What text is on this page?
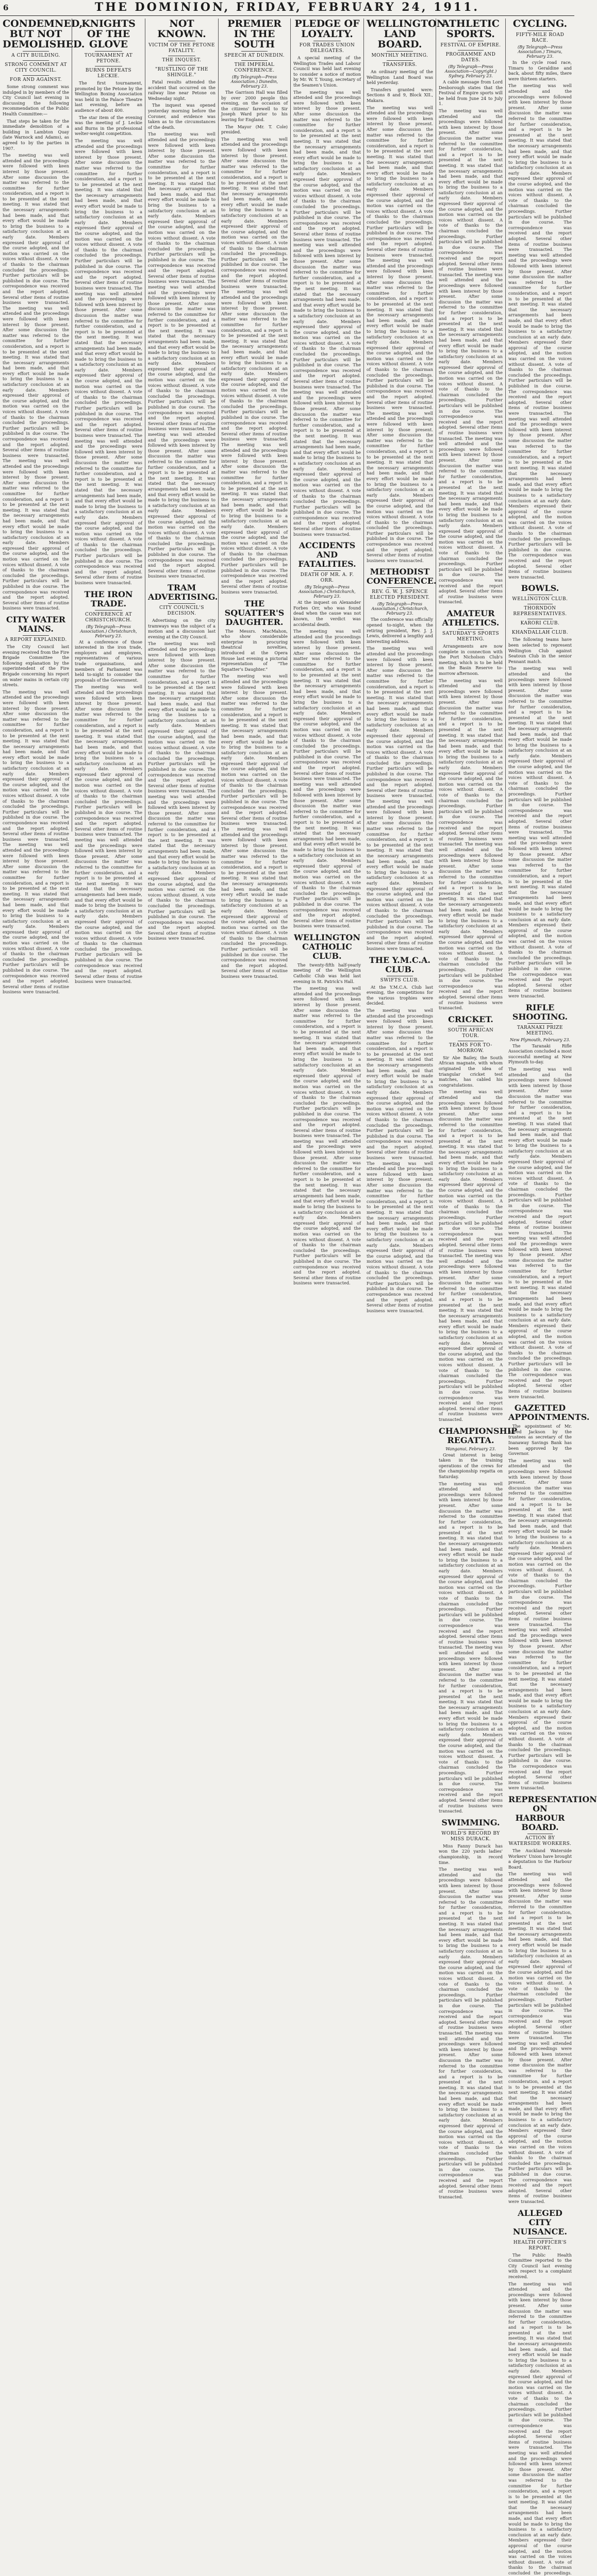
6	THE DOMINION, FRIDAY, FEBRUARY 24, 1911.
CONDEMNED, BUT NOT DEMOLISHED.
A CITY BUILDING.
STRONG COMMENT AT CITY COUNCIL.
FOR AND AGAINST.

Some strong comment was indulged in by members of the City Council last evening in discussing the following recommendation of the Public Health Committee:—

That steps be taken for the immediate demolition of a building in Lambton Quay (late Warnock and Adams), as agreed to by the parties in 1907.

The meeting was well attended and the proceedings were followed with keen interest by those present. After some discussion the matter was referred to the committee for further consideration, and a report is to be presented at the next meeting. It was stated that the necessary arrangements had been made, and that every effort would be made to bring the business to a satisfactory conclusion at an early date. Members expressed their approval of the course adopted, and the motion was carried on the voices without dissent. A vote of thanks to the chairman concluded the proceedings. Further particulars will be published in due course. The correspondence was received and the report adopted. Several other items of routine business were transacted. The meeting was well attended and the proceedings were followed with keen interest by those present. After some discussion the matter was referred to the committee for further consideration, and a report is to be presented at the next meeting. It was stated that the necessary arrangements had been made, and that every effort would be made to bring the business to a satisfactory conclusion at an early date. Members expressed their approval of the course adopted, and the motion was carried on the voices without dissent. A vote of thanks to the chairman concluded the proceedings. Further particulars will be published in due course. The correspondence was received and the report adopted. Several other items of routine business were transacted. The meeting was well attended and the proceedings were followed with keen interest by those present. After some discussion the matter was referred to the committee for further consideration, and a report is to be presented at the next meeting. It was stated that the necessary arrangements had been made, and that every effort would be made to bring the business to a satisfactory conclusion at an early date. Members expressed their approval of the course adopted, and the motion was carried on the voices without dissent. A vote of thanks to the chairman concluded the proceedings. Further particulars will be published in due course. The correspondence was received and the report adopted. Several other items of routine business were transacted.
CITY WATER MAINS.
A REPORT EXPLAINED.

The City Council last evening received from the Fire Brigade Committee the following explanation by the superintendent of the Fire Brigade concerning his report on water mains in certain city streets.

The meeting was well attended and the proceedings were followed with keen interest by those present. After some discussion the matter was referred to the committee for further consideration, and a report is to be presented at the next meeting. It was stated that the necessary arrangements had been made, and that every effort would be made to bring the business to a satisfactory conclusion at an early date. Members expressed their approval of the course adopted, and the motion was carried on the voices without dissent. A vote of thanks to the chairman concluded the proceedings. Further particulars will be published in due course. The correspondence was received and the report adopted. Several other items of routine business were transacted. The meeting was well attended and the proceedings were followed with keen interest by those present. After some discussion the matter was referred to the committee for further consideration, and a report is to be presented at the next meeting. It was stated that the necessary arrangements had been made, and that every effort would be made to bring the business to a satisfactory conclusion at an early date. Members expressed their approval of the course adopted, and the motion was carried on the voices without dissent. A vote of thanks to the chairman concluded the proceedings. Further particulars will be published in due course. The correspondence was received and the report adopted. Several other items of routine business were transacted.
KNIGHTS OF THE GLOVE
TOURNAMENT AT PETONE.
BURNS DEFEATS LECKIE.

The first tournament, promoted by the Petone by the Wellington Boxing Association was held in the Palace Theatre last evening, before an audience of about 400.

The star item of the evening was the meeting of J. Leckie and Burns in the professional welter-weight competition.

The meeting was well attended and the proceedings were followed with keen interest by those present. After some discussion the matter was referred to the committee for further consideration, and a report is to be presented at the next meeting. It was stated that the necessary arrangements had been made, and that every effort would be made to bring the business to a satisfactory conclusion at an early date. Members expressed their approval of the course adopted, and the motion was carried on the voices without dissent. A vote of thanks to the chairman concluded the proceedings. Further particulars will be published in due course. The correspondence was received and the report adopted. Several other items of routine business were transacted. The meeting was well attended and the proceedings were followed with keen interest by those present. After some discussion the matter was referred to the committee for further consideration, and a report is to be presented at the next meeting. It was stated that the necessary arrangements had been made, and that every effort would be made to bring the business to a satisfactory conclusion at an early date. Members expressed their approval of the course adopted, and the motion was carried on the voices without dissent. A vote of thanks to the chairman concluded the proceedings. Further particulars will be published in due course. The correspondence was received and the report adopted. Several other items of routine business were transacted. The meeting was well attended and the proceedings were followed with keen interest by those present. After some discussion the matter was referred to the committee for further consideration, and a report is to be presented at the next meeting. It was stated that the necessary arrangements had been made, and that every effort would be made to bring the business to a satisfactory conclusion at an early date. Members expressed their approval of the course adopted, and the motion was carried on the voices without dissent. A vote of thanks to the chairman concluded the proceedings. Further particulars will be published in due course. The correspondence was received and the report adopted. Several other items of routine business were transacted.
THE IRON TRADE.
CONFERENCE AT CHRISTCHURCH.
(By Telegraph—Press Association.) Christchurch, February 23.

At a conference of those interested in the iron trade, employers and employees, representatives of various trade organisations, and members of Parliament was held to-night to consider the proposals of the Government.

The meeting was well attended and the proceedings were followed with keen interest by those present. After some discussion the matter was referred to the committee for further consideration, and a report is to be presented at the next meeting. It was stated that the necessary arrangements had been made, and that every effort would be made to bring the business to a satisfactory conclusion at an early date. Members expressed their approval of the course adopted, and the motion was carried on the voices without dissent. A vote of thanks to the chairman concluded the proceedings. Further particulars will be published in due course. The correspondence was received and the report adopted. Several other items of routine business were transacted. The meeting was well attended and the proceedings were followed with keen interest by those present. After some discussion the matter was referred to the committee for further consideration, and a report is to be presented at the next meeting. It was stated that the necessary arrangements had been made, and that every effort would be made to bring the business to a satisfactory conclusion at an early date. Members expressed their approval of the course adopted, and the motion was carried on the voices without dissent. A vote of thanks to the chairman concluded the proceedings. Further particulars will be published in due course. The correspondence was received and the report adopted. Several other items of routine business were transacted.
NOT KNOWN.
VICTIM OF THE PETONE FATALITY.
THE INQUEST.
"RUSTLING OF THE SHINGLE."

Fatal results attended the accident that occurred on the railway line near Petone on Wednesday night.

The inquest was opened yesterday morning before the Coroner, and evidence was taken as to the circumstances of the death.

The meeting was well attended and the proceedings were followed with keen interest by those present. After some discussion the matter was referred to the committee for further consideration, and a report is to be presented at the next meeting. It was stated that the necessary arrangements had been made, and that every effort would be made to bring the business to a satisfactory conclusion at an early date. Members expressed their approval of the course adopted, and the motion was carried on the voices without dissent. A vote of thanks to the chairman concluded the proceedings. Further particulars will be published in due course. The correspondence was received and the report adopted. Several other items of routine business were transacted. The meeting was well attended and the proceedings were followed with keen interest by those present. After some discussion the matter was referred to the committee for further consideration, and a report is to be presented at the next meeting. It was stated that the necessary arrangements had been made, and that every effort would be made to bring the business to a satisfactory conclusion at an early date. Members expressed their approval of the course adopted, and the motion was carried on the voices without dissent. A vote of thanks to the chairman concluded the proceedings. Further particulars will be published in due course. The correspondence was received and the report adopted. Several other items of routine business were transacted. The meeting was well attended and the proceedings were followed with keen interest by those present. After some discussion the matter was referred to the committee for further consideration, and a report is to be presented at the next meeting. It was stated that the necessary arrangements had been made, and that every effort would be made to bring the business to a satisfactory conclusion at an early date. Members expressed their approval of the course adopted, and the motion was carried on the voices without dissent. A vote of thanks to the chairman concluded the proceedings. Further particulars will be published in due course. The correspondence was received and the report adopted. Several other items of routine business were transacted.
TRAM ADVERTISING.
CITY COUNCIL'S DECISION.

Advertising on the city tramways was the subject of a motion and a discussion last evening at the City Council.

The meeting was well attended and the proceedings were followed with keen interest by those present. After some discussion the matter was referred to the committee for further consideration, and a report is to be presented at the next meeting. It was stated that the necessary arrangements had been made, and that every effort would be made to bring the business to a satisfactory conclusion at an early date. Members expressed their approval of the course adopted, and the motion was carried on the voices without dissent. A vote of thanks to the chairman concluded the proceedings. Further particulars will be published in due course. The correspondence was received and the report adopted. Several other items of routine business were transacted. The meeting was well attended and the proceedings were followed with keen interest by those present. After some discussion the matter was referred to the committee for further consideration, and a report is to be presented at the next meeting. It was stated that the necessary arrangements had been made, and that every effort would be made to bring the business to a satisfactory conclusion at an early date. Members expressed their approval of the course adopted, and the motion was carried on the voices without dissent. A vote of thanks to the chairman concluded the proceedings. Further particulars will be published in due course. The correspondence was received and the report adopted. Several other items of routine business were transacted.
PREMIER IN THE SOUTH
SPEECH AT DUNEDIN.
THE IMPERIAL CONFERENCE.
(By Telegraph—Press Association.) Dunedin, February 23.

The Garrison Hall was filled by over 2000 people this evening, on the occasion of the citizens' farewell to Sir Joseph Ward prior to his leaving for England.

The Mayor (Mr. T. Cole) presided.

The meeting was well attended and the proceedings were followed with keen interest by those present. After some discussion the matter was referred to the committee for further consideration, and a report is to be presented at the next meeting. It was stated that the necessary arrangements had been made, and that every effort would be made to bring the business to a satisfactory conclusion at an early date. Members expressed their approval of the course adopted, and the motion was carried on the voices without dissent. A vote of thanks to the chairman concluded the proceedings. Further particulars will be published in due course. The correspondence was received and the report adopted. Several other items of routine business were transacted. The meeting was well attended and the proceedings were followed with keen interest by those present. After some discussion the matter was referred to the committee for further consideration, and a report is to be presented at the next meeting. It was stated that the necessary arrangements had been made, and that every effort would be made to bring the business to a satisfactory conclusion at an early date. Members expressed their approval of the course adopted, and the motion was carried on the voices without dissent. A vote of thanks to the chairman concluded the proceedings. Further particulars will be published in due course. The correspondence was received and the report adopted. Several other items of routine business were transacted. The meeting was well attended and the proceedings were followed with keen interest by those present. After some discussion the matter was referred to the committee for further consideration, and a report is to be presented at the next meeting. It was stated that the necessary arrangements had been made, and that every effort would be made to bring the business to a satisfactory conclusion at an early date. Members expressed their approval of the course adopted, and the motion was carried on the voices without dissent. A vote of thanks to the chairman concluded the proceedings. Further particulars will be published in due course. The correspondence was received and the report adopted. Several other items of routine business were transacted.
THE SQUATTER'S DAUGHTER.

The Messrs. MacMahon, who show considerable enterprise in procuring theatrical novelties, introduced at the Opera House last evening a pictorial representation of "The Squatter's Daughter."

The meeting was well attended and the proceedings were followed with keen interest by those present. After some discussion the matter was referred to the committee for further consideration, and a report is to be presented at the next meeting. It was stated that the necessary arrangements had been made, and that every effort would be made to bring the business to a satisfactory conclusion at an early date. Members expressed their approval of the course adopted, and the motion was carried on the voices without dissent. A vote of thanks to the chairman concluded the proceedings. Further particulars will be published in due course. The correspondence was received and the report adopted. Several other items of routine business were transacted. The meeting was well attended and the proceedings were followed with keen interest by those present. After some discussion the matter was referred to the committee for further consideration, and a report is to be presented at the next meeting. It was stated that the necessary arrangements had been made, and that every effort would be made to bring the business to a satisfactory conclusion at an early date. Members expressed their approval of the course adopted, and the motion was carried on the voices without dissent. A vote of thanks to the chairman concluded the proceedings. Further particulars will be published in due course. The correspondence was received and the report adopted. Several other items of routine business were transacted.
PLEDGE OF LOYALTY.
FOR TRADES UNION DELEGATES.

A special meeting of the Wellington Trades and Labour Council was held last evening to consider a notice of motion by Mr. W. T. Young, secretary of the Seamen's Union.

The meeting was well attended and the proceedings were followed with keen interest by those present. After some discussion the matter was referred to the committee for further consideration, and a report is to be presented at the next meeting. It was stated that the necessary arrangements had been made, and that every effort would be made to bring the business to a satisfactory conclusion at an early date. Members expressed their approval of the course adopted, and the motion was carried on the voices without dissent. A vote of thanks to the chairman concluded the proceedings. Further particulars will be published in due course. The correspondence was received and the report adopted. Several other items of routine business were transacted. The meeting was well attended and the proceedings were followed with keen interest by those present. After some discussion the matter was referred to the committee for further consideration, and a report is to be presented at the next meeting. It was stated that the necessary arrangements had been made, and that every effort would be made to bring the business to a satisfactory conclusion at an early date. Members expressed their approval of the course adopted, and the motion was carried on the voices without dissent. A vote of thanks to the chairman concluded the proceedings. Further particulars will be published in due course. The correspondence was received and the report adopted. Several other items of routine business were transacted. The meeting was well attended and the proceedings were followed with keen interest by those present. After some discussion the matter was referred to the committee for further consideration, and a report is to be presented at the next meeting. It was stated that the necessary arrangements had been made, and that every effort would be made to bring the business to a satisfactory conclusion at an early date. Members expressed their approval of the course adopted, and the motion was carried on the voices without dissent. A vote of thanks to the chairman concluded the proceedings. Further particulars will be published in due course. The correspondence was received and the report adopted. Several other items of routine business were transacted.
ACCIDENTS AND FATALITIES.
DEATH OF MR. A. F. ORR.
(By Telegraph—Press Association.) Christchurch, February 23.

At the inquest on Alexander Forbes Orr, who was found dead when the cause was not known, the verdict was accidental death.

The meeting was well attended and the proceedings were followed with keen interest by those present. After some discussion the matter was referred to the committee for further consideration, and a report is to be presented at the next meeting. It was stated that the necessary arrangements had been made, and that every effort would be made to bring the business to a satisfactory conclusion at an early date. Members expressed their approval of the course adopted, and the motion was carried on the voices without dissent. A vote of thanks to the chairman concluded the proceedings. Further particulars will be published in due course. The correspondence was received and the report adopted. Several other items of routine business were transacted. The meeting was well attended and the proceedings were followed with keen interest by those present. After some discussion the matter was referred to the committee for further consideration, and a report is to be presented at the next meeting. It was stated that the necessary arrangements had been made, and that every effort would be made to bring the business to a satisfactory conclusion at an early date. Members expressed their approval of the course adopted, and the motion was carried on the voices without dissent. A vote of thanks to the chairman concluded the proceedings. Further particulars will be published in due course. The correspondence was received and the report adopted. Several other items of routine business were transacted.
WELLINGTON CATHOLIC CLUB.

The twenty-fifth half-yearly meeting of the Wellington Catholic Club was held last evening in St. Patrick's Hall.

The meeting was well attended and the proceedings were followed with keen interest by those present. After some discussion the matter was referred to the committee for further consideration, and a report is to be presented at the next meeting. It was stated that the necessary arrangements had been made, and that every effort would be made to bring the business to a satisfactory conclusion at an early date. Members expressed their approval of the course adopted, and the motion was carried on the voices without dissent. A vote of thanks to the chairman concluded the proceedings. Further particulars will be published in due course. The correspondence was received and the report adopted. Several other items of routine business were transacted. The meeting was well attended and the proceedings were followed with keen interest by those present. After some discussion the matter was referred to the committee for further consideration, and a report is to be presented at the next meeting. It was stated that the necessary arrangements had been made, and that every effort would be made to bring the business to a satisfactory conclusion at an early date. Members expressed their approval of the course adopted, and the motion was carried on the voices without dissent. A vote of thanks to the chairman concluded the proceedings. Further particulars will be published in due course. The correspondence was received and the report adopted. Several other items of routine business were transacted.
WELLINGTON LAND BOARD.
MONTHLY MEETING.
TRANSFERS.

An ordinary meeting of the Wellington Land Board was held yesterday.

Transfers granted were: Sections 8 and 9, Block XII., Makara.

The meeting was well attended and the proceedings were followed with keen interest by those present. After some discussion the matter was referred to the committee for further consideration, and a report is to be presented at the next meeting. It was stated that the necessary arrangements had been made, and that every effort would be made to bring the business to a satisfactory conclusion at an early date. Members expressed their approval of the course adopted, and the motion was carried on the voices without dissent. A vote of thanks to the chairman concluded the proceedings. Further particulars will be published in due course. The correspondence was received and the report adopted. Several other items of routine business were transacted. The meeting was well attended and the proceedings were followed with keen interest by those present. After some discussion the matter was referred to the committee for further consideration, and a report is to be presented at the next meeting. It was stated that the necessary arrangements had been made, and that every effort would be made to bring the business to a satisfactory conclusion at an early date. Members expressed their approval of the course adopted, and the motion was carried on the voices without dissent. A vote of thanks to the chairman concluded the proceedings. Further particulars will be published in due course. The correspondence was received and the report adopted. Several other items of routine business were transacted. The meeting was well attended and the proceedings were followed with keen interest by those present. After some discussion the matter was referred to the committee for further consideration, and a report is to be presented at the next meeting. It was stated that the necessary arrangements had been made, and that every effort would be made to bring the business to a satisfactory conclusion at an early date. Members expressed their approval of the course adopted, and the motion was carried on the voices without dissent. A vote of thanks to the chairman concluded the proceedings. Further particulars will be published in due course. The correspondence was received and the report adopted. Several other items of routine business were transacted.
METHODIST CONFERENCE.
REV. G. W. J. SPENCE ELECTED PRESIDENT.
(By Telegraph—Press Association.) Christchurch, February 23.

The conference was officially opened to-night, when the retiring president, Rev. J. J. Lewis, delivered a lengthy and interesting address.

The meeting was well attended and the proceedings were followed with keen interest by those present. After some discussion the matter was referred to the committee for further consideration, and a report is to be presented at the next meeting. It was stated that the necessary arrangements had been made, and that every effort would be made to bring the business to a satisfactory conclusion at an early date. Members expressed their approval of the course adopted, and the motion was carried on the voices without dissent. A vote of thanks to the chairman concluded the proceedings. Further particulars will be published in due course. The correspondence was received and the report adopted. Several other items of routine business were transacted. The meeting was well attended and the proceedings were followed with keen interest by those present. After some discussion the matter was referred to the committee for further consideration, and a report is to be presented at the next meeting. It was stated that the necessary arrangements had been made, and that every effort would be made to bring the business to a satisfactory conclusion at an early date. Members expressed their approval of the course adopted, and the motion was carried on the voices without dissent. A vote of thanks to the chairman concluded the proceedings. Further particulars will be published in due course. The correspondence was received and the report adopted. Several other items of routine business were transacted.
THE Y.M.C.A. CLUB.
SWIFTS CLUB.

At the Y.M.C.A. Club last evening, the competitions for the various trophies were decided.

The meeting was well attended and the proceedings were followed with keen interest by those present. After some discussion the matter was referred to the committee for further consideration, and a report is to be presented at the next meeting. It was stated that the necessary arrangements had been made, and that every effort would be made to bring the business to a satisfactory conclusion at an early date. Members expressed their approval of the course adopted, and the motion was carried on the voices without dissent. A vote of thanks to the chairman concluded the proceedings. Further particulars will be published in due course. The correspondence was received and the report adopted. Several other items of routine business were transacted. The meeting was well attended and the proceedings were followed with keen interest by those present. After some discussion the matter was referred to the committee for further consideration, and a report is to be presented at the next meeting. It was stated that the necessary arrangements had been made, and that every effort would be made to bring the business to a satisfactory conclusion at an early date. Members expressed their approval of the course adopted, and the motion was carried on the voices without dissent. A vote of thanks to the chairman concluded the proceedings. Further particulars will be published in due course. The correspondence was received and the report adopted. Several other items of routine business were transacted.
ATHLETIC SPORTS.
FESTIVAL OF EMPIRE.
PROGRAMME AND DATES.
(By Telegraph—Press Association—Copyright.) Sydney, February 23.

A cable message from Lord Desborough states that the Festival of Empire sports will be held from June 24 to July 1.

The meeting was well attended and the proceedings were followed with keen interest by those present. After some discussion the matter was referred to the committee for further consideration, and a report is to be presented at the next meeting. It was stated that the necessary arrangements had been made, and that every effort would be made to bring the business to a satisfactory conclusion at an early date. Members expressed their approval of the course adopted, and the motion was carried on the voices without dissent. A vote of thanks to the chairman concluded the proceedings. Further particulars will be published in due course. The correspondence was received and the report adopted. Several other items of routine business were transacted. The meeting was well attended and the proceedings were followed with keen interest by those present. After some discussion the matter was referred to the committee for further consideration, and a report is to be presented at the next meeting. It was stated that the necessary arrangements had been made, and that every effort would be made to bring the business to a satisfactory conclusion at an early date. Members expressed their approval of the course adopted, and the motion was carried on the voices without dissent. A vote of thanks to the chairman concluded the proceedings. Further particulars will be published in due course. The correspondence was received and the report adopted. Several other items of routine business were transacted. The meeting was well attended and the proceedings were followed with keen interest by those present. After some discussion the matter was referred to the committee for further consideration, and a report is to be presented at the next meeting. It was stated that the necessary arrangements had been made, and that every effort would be made to bring the business to a satisfactory conclusion at an early date. Members expressed their approval of the course adopted, and the motion was carried on the voices without dissent. A vote of thanks to the chairman concluded the proceedings. Further particulars will be published in due course. The correspondence was received and the report adopted. Several other items of routine business were transacted.
AMATEUR ATHLETICS.
SATURDAY'S SPORTS MEETING.

Arrangements are now complete in connection with the Port Nicholson Club's meeting, which is to be held on the Basin Reserve to-morrow afternoon.

The meeting was well attended and the proceedings were followed with keen interest by those present. After some discussion the matter was referred to the committee for further consideration, and a report is to be presented at the next meeting. It was stated that the necessary arrangements had been made, and that every effort would be made to bring the business to a satisfactory conclusion at an early date. Members expressed their approval of the course adopted, and the motion was carried on the voices without dissent. A vote of thanks to the chairman concluded the proceedings. Further particulars will be published in due course. The correspondence was received and the report adopted. Several other items of routine business were transacted. The meeting was well attended and the proceedings were followed with keen interest by those present. After some discussion the matter was referred to the committee for further consideration, and a report is to be presented at the next meeting. It was stated that the necessary arrangements had been made, and that every effort would be made to bring the business to a satisfactory conclusion at an early date. Members expressed their approval of the course adopted, and the motion was carried on the voices without dissent. A vote of thanks to the chairman concluded the proceedings. Further particulars will be published in due course. The correspondence was received and the report adopted. Several other items of routine business were transacted.
CRICKET.
SOUTH AFRICAN TOUR.
TEAMS FOR TO-MORROW.

Sir Abe Bailey, the South African magnate, with whom originated the idea of triangular cricket test matches, has cabled his congratulations.

The meeting was well attended and the proceedings were followed with keen interest by those present. After some discussion the matter was referred to the committee for further consideration, and a report is to be presented at the next meeting. It was stated that the necessary arrangements had been made, and that every effort would be made to bring the business to a satisfactory conclusion at an early date. Members expressed their approval of the course adopted, and the motion was carried on the voices without dissent. A vote of thanks to the chairman concluded the proceedings. Further particulars will be published in due course. The correspondence was received and the report adopted. Several other items of routine business were transacted. The meeting was well attended and the proceedings were followed with keen interest by those present. After some discussion the matter was referred to the committee for further consideration, and a report is to be presented at the next meeting. It was stated that the necessary arrangements had been made, and that every effort would be made to bring the business to a satisfactory conclusion at an early date. Members expressed their approval of the course adopted, and the motion was carried on the voices without dissent. A vote of thanks to the chairman concluded the proceedings. Further particulars will be published in due course. The correspondence was received and the report adopted. Several other items of routine business were transacted.
CHAMPIONSHIP REGATTA.
Wanganui, February 23.

Great interest is being taken in the training operations of the crews for the championship regatta on Saturday.

The meeting was well attended and the proceedings were followed with keen interest by those present. After some discussion the matter was referred to the committee for further consideration, and a report is to be presented at the next meeting. It was stated that the necessary arrangements had been made, and that every effort would be made to bring the business to a satisfactory conclusion at an early date. Members expressed their approval of the course adopted, and the motion was carried on the voices without dissent. A vote of thanks to the chairman concluded the proceedings. Further particulars will be published in due course. The correspondence was received and the report adopted. Several other items of routine business were transacted. The meeting was well attended and the proceedings were followed with keen interest by those present. After some discussion the matter was referred to the committee for further consideration, and a report is to be presented at the next meeting. It was stated that the necessary arrangements had been made, and that every effort would be made to bring the business to a satisfactory conclusion at an early date. Members expressed their approval of the course adopted, and the motion was carried on the voices without dissent. A vote of thanks to the chairman concluded the proceedings. Further particulars will be published in due course. The correspondence was received and the report adopted. Several other items of routine business were transacted.
SWIMMING.
WORLD'S RECORD BY MISS DURACK.

Miss Fanny Durack has won the 220 yards ladies' championship, in record time.

The meeting was well attended and the proceedings were followed with keen interest by those present. After some discussion the matter was referred to the committee for further consideration, and a report is to be presented at the next meeting. It was stated that the necessary arrangements had been made, and that every effort would be made to bring the business to a satisfactory conclusion at an early date. Members expressed their approval of the course adopted, and the motion was carried on the voices without dissent. A vote of thanks to the chairman concluded the proceedings. Further particulars will be published in due course. The correspondence was received and the report adopted. Several other items of routine business were transacted. The meeting was well attended and the proceedings were followed with keen interest by those present. After some discussion the matter was referred to the committee for further consideration, and a report is to be presented at the next meeting. It was stated that the necessary arrangements had been made, and that every effort would be made to bring the business to a satisfactory conclusion at an early date. Members expressed their approval of the course adopted, and the motion was carried on the voices without dissent. A vote of thanks to the chairman concluded the proceedings. Further particulars will be published in due course. The correspondence was received and the report adopted. Several other items of routine business were transacted.
CYCLING.
FIFTY-MILE ROAD RACE.
(By Telegraph—Press Association.) Timaru, February 23.

In the cycle road race, Timaru to Geraldine and back, about fifty miles, there were thirteen starters.

The meeting was well attended and the proceedings were followed with keen interest by those present. After some discussion the matter was referred to the committee for further consideration, and a report is to be presented at the next meeting. It was stated that the necessary arrangements had been made, and that every effort would be made to bring the business to a satisfactory conclusion at an early date. Members expressed their approval of the course adopted, and the motion was carried on the voices without dissent. A vote of thanks to the chairman concluded the proceedings. Further particulars will be published in due course. The correspondence was received and the report adopted. Several other items of routine business were transacted. The meeting was well attended and the proceedings were followed with keen interest by those present. After some discussion the matter was referred to the committee for further consideration, and a report is to be presented at the next meeting. It was stated that the necessary arrangements had been made, and that every effort would be made to bring the business to a satisfactory conclusion at an early date. Members expressed their approval of the course adopted, and the motion was carried on the voices without dissent. A vote of thanks to the chairman concluded the proceedings. Further particulars will be published in due course. The correspondence was received and the report adopted. Several other items of routine business were transacted. The meeting was well attended and the proceedings were followed with keen interest by those present. After some discussion the matter was referred to the committee for further consideration, and a report is to be presented at the next meeting. It was stated that the necessary arrangements had been made, and that every effort would be made to bring the business to a satisfactory conclusion at an early date. Members expressed their approval of the course adopted, and the motion was carried on the voices without dissent. A vote of thanks to the chairman concluded the proceedings. Further particulars will be published in due course. The correspondence was received and the report adopted. Several other items of routine business were transacted.
BOWLS.
WELLINGTON CLUB.
THORNDON REPRESENTATIVES.
KARORI CLUB.
KHANDALLAH CLUB.

The following teams have been selected to represent Wellington Club against Seatoun Club in the senior Pennant match.

The meeting was well attended and the proceedings were followed with keen interest by those present. After some discussion the matter was referred to the committee for further consideration, and a report is to be presented at the next meeting. It was stated that the necessary arrangements had been made, and that every effort would be made to bring the business to a satisfactory conclusion at an early date. Members expressed their approval of the course adopted, and the motion was carried on the voices without dissent. A vote of thanks to the chairman concluded the proceedings. Further particulars will be published in due course. The correspondence was received and the report adopted. Several other items of routine business were transacted. The meeting was well attended and the proceedings were followed with keen interest by those present. After some discussion the matter was referred to the committee for further consideration, and a report is to be presented at the next meeting. It was stated that the necessary arrangements had been made, and that every effort would be made to bring the business to a satisfactory conclusion at an early date. Members expressed their approval of the course adopted, and the motion was carried on the voices without dissent. A vote of thanks to the chairman concluded the proceedings. Further particulars will be published in due course. The correspondence was received and the report adopted. Several other items of routine business were transacted.
RIFLE SHOOTING.
TARANAKI PRIZE MEETING.
New Plymouth, February 23.

The Taranaki Rifle Association concluded a most successful meeting at New Plymouth to-day.

The meeting was well attended and the proceedings were followed with keen interest by those present. After some discussion the matter was referred to the committee for further consideration, and a report is to be presented at the next meeting. It was stated that the necessary arrangements had been made, and that every effort would be made to bring the business to a satisfactory conclusion at an early date. Members expressed their approval of the course adopted, and the motion was carried on the voices without dissent. A vote of thanks to the chairman concluded the proceedings. Further particulars will be published in due course. The correspondence was received and the report adopted. Several other items of routine business were transacted. The meeting was well attended and the proceedings were followed with keen interest by those present. After some discussion the matter was referred to the committee for further consideration, and a report is to be presented at the next meeting. It was stated that the necessary arrangements had been made, and that every effort would be made to bring the business to a satisfactory conclusion at an early date. Members expressed their approval of the course adopted, and the motion was carried on the voices without dissent. A vote of thanks to the chairman concluded the proceedings. Further particulars will be published in due course. The correspondence was received and the report adopted. Several other items of routine business were transacted.
GAZETTED APPOINTMENTS.

The appointment of Mr. Alfred Jackson by the trustees as secretary of the Inanaway Savings Bank has been approved by the Governor.

The meeting was well attended and the proceedings were followed with keen interest by those present. After some discussion the matter was referred to the committee for further consideration, and a report is to be presented at the next meeting. It was stated that the necessary arrangements had been made, and that every effort would be made to bring the business to a satisfactory conclusion at an early date. Members expressed their approval of the course adopted, and the motion was carried on the voices without dissent. A vote of thanks to the chairman concluded the proceedings. Further particulars will be published in due course. The correspondence was received and the report adopted. Several other items of routine business were transacted. The meeting was well attended and the proceedings were followed with keen interest by those present. After some discussion the matter was referred to the committee for further consideration, and a report is to be presented at the next meeting. It was stated that the necessary arrangements had been made, and that every effort would be made to bring the business to a satisfactory conclusion at an early date. Members expressed their approval of the course adopted, and the motion was carried on the voices without dissent. A vote of thanks to the chairman concluded the proceedings. Further particulars will be published in due course. The correspondence was received and the report adopted. Several other items of routine business were transacted.
REPRESENTATION ON HARBOUR BOARD.
ACTION BY WATERSIDE WORKERS.

The Auckland Waterside Workers' Union have brought a deputation to the Harbour Board.

The meeting was well attended and the proceedings were followed with keen interest by those present. After some discussion the matter was referred to the committee for further consideration, and a report is to be presented at the next meeting. It was stated that the necessary arrangements had been made, and that every effort would be made to bring the business to a satisfactory conclusion at an early date. Members expressed their approval of the course adopted, and the motion was carried on the voices without dissent. A vote of thanks to the chairman concluded the proceedings. Further particulars will be published in due course. The correspondence was received and the report adopted. Several other items of routine business were transacted. The meeting was well attended and the proceedings were followed with keen interest by those present. After some discussion the matter was referred to the committee for further consideration, and a report is to be presented at the next meeting. It was stated that the necessary arrangements had been made, and that every effort would be made to bring the business to a satisfactory conclusion at an early date. Members expressed their approval of the course adopted, and the motion was carried on the voices without dissent. A vote of thanks to the chairman concluded the proceedings. Further particulars will be published in due course. The correspondence was received and the report adopted. Several other items of routine business were transacted.
ALLEGED CITY NUISANCE.
HEALTH OFFICER'S REPORT.

The Public Health Committee reported to the City Council last evening with respect to a complaint received.

The meeting was well attended and the proceedings were followed with keen interest by those present. After some discussion the matter was referred to the committee for further consideration, and a report is to be presented at the next meeting. It was stated that the necessary arrangements had been made, and that every effort would be made to bring the business to a satisfactory conclusion at an early date. Members expressed their approval of the course adopted, and the motion was carried on the voices without dissent. A vote of thanks to the chairman concluded the proceedings. Further particulars will be published in due course. The correspondence was received and the report adopted. Several other items of routine business were transacted. The meeting was well attended and the proceedings were followed with keen interest by those present. After some discussion the matter was referred to the committee for further consideration, and a report is to be presented at the next meeting. It was stated that the necessary arrangements had been made, and that every effort would be made to bring the business to a satisfactory conclusion at an early date. Members expressed their approval of the course adopted, and the motion was carried on the voices without dissent. A vote of thanks to the chairman concluded the proceedings.
